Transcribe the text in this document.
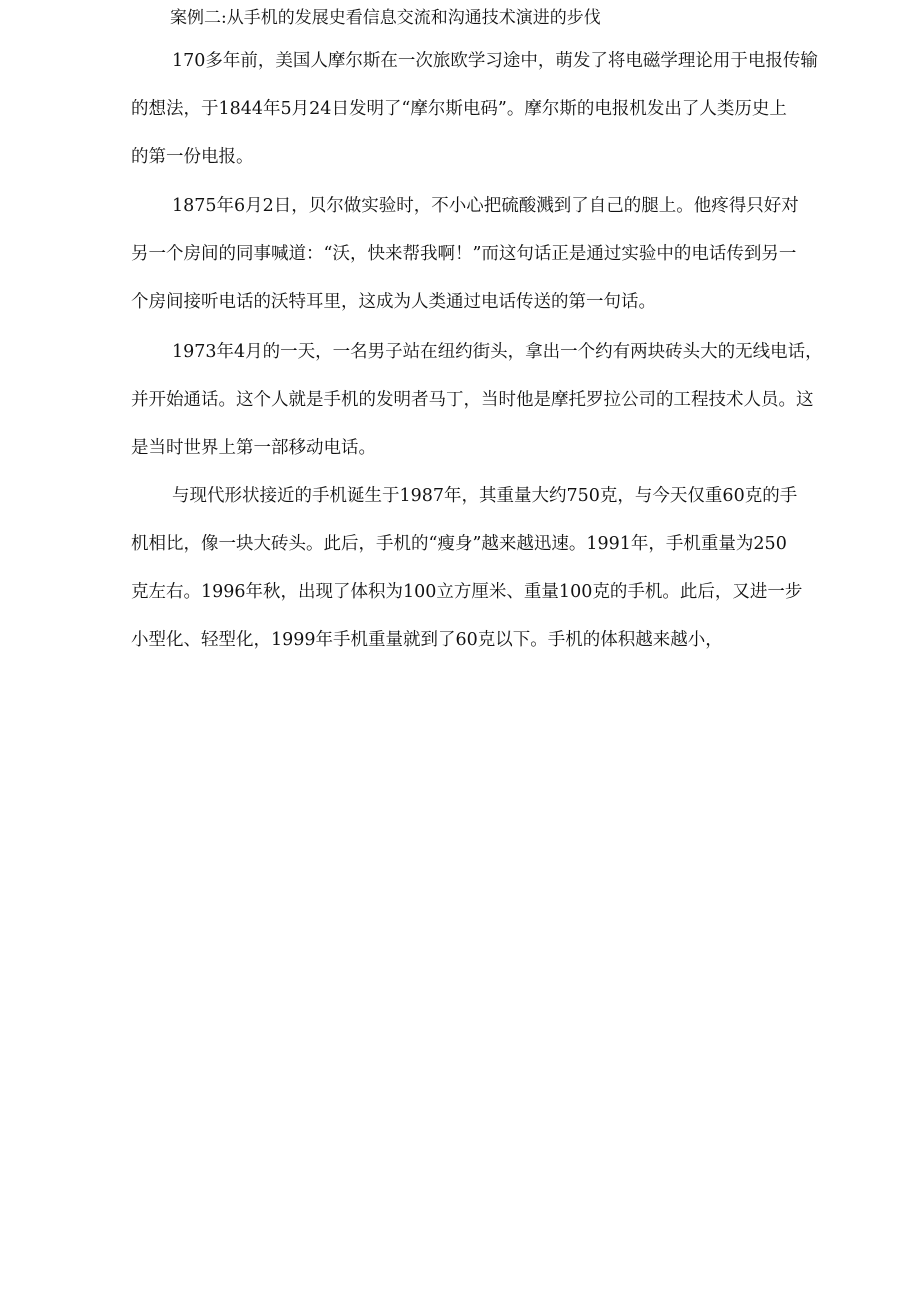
案例二:从手机的发展史看信息交流和沟通技术演进的步伐
170多年前，美国人摩尔斯在一次旅欧学习途中，萌发了将电磁学理论用于电报传输
的想法，于1844年5月24日发明了“摩尔斯电码”。摩尔斯的电报机发出了人类历史上
的第一份电报。
1875年6月2日，贝尔做实验时，不小心把硫酸溅到了自己的腿上。他疼得只好对
另一个房间的同事喊道：“沃，快来帮我啊！”而这句话正是通过实验中的电话传到另一
个房间接听电话的沃特耳里，这成为人类通过电话传送的第一句话。
1973年4月的一天，一名男子站在纽约街头，拿出一个约有两块砖头大的无线电话，
并开始通话。这个人就是手机的发明者马丁，当时他是摩托罗拉公司的工程技术人员。这
是当时世界上第一部移动电话。
与现代形状接近的手机诞生于1987年，其重量大约750克，与今天仅重60克的手
机相比，像一块大砖头。此后，手机的“瘦身”越来越迅速。1991年，手机重量为250
克左右。1996年秋，出现了体积为100立方厘米、重量100克的手机。此后，又进一步
小型化、轻型化，1999年手机重量就到了60克以下。手机的体积越来越小，
